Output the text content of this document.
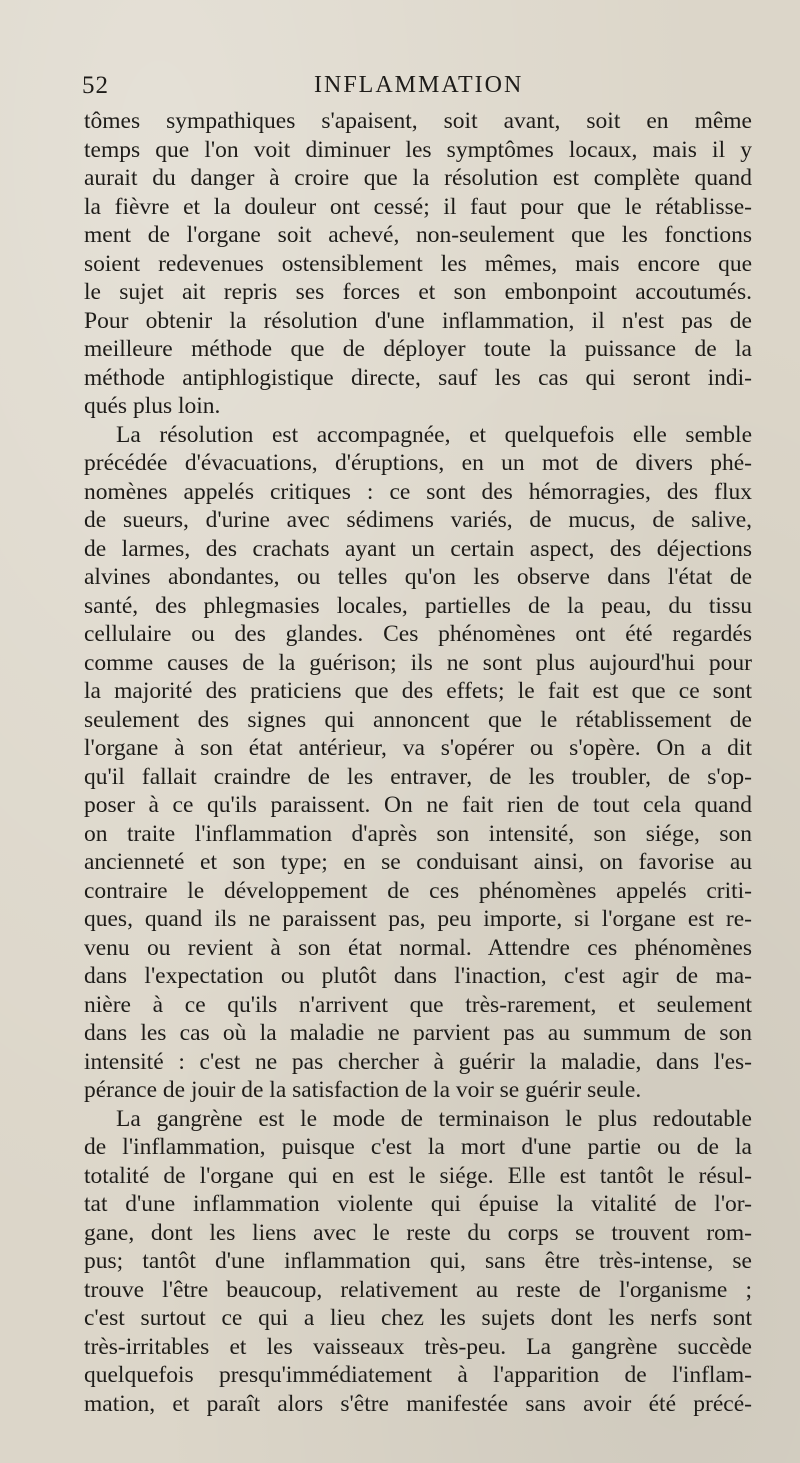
52	INFLAMMATION
tômes sympathiques s'apaisent, soit avant, soit en même
temps que l'on voit diminuer les symptômes locaux, mais il y
aurait du danger à croire que la résolution est complète quand
la fièvre et la douleur ont cessé; il faut pour que le rétablisse-
ment de l'organe soit achevé, non-seulement que les fonctions
soient redevenues ostensiblement les mêmes, mais encore que
le sujet ait repris ses forces et son embonpoint accoutumés.
Pour obtenir la résolution d'une inflammation, il n'est pas de
meilleure méthode que de déployer toute la puissance de la
méthode antiphlogistique directe, sauf les cas qui seront indi-
qués plus loin.
La résolution est accompagnée, et quelquefois elle semble
précédée d'évacuations, d'éruptions, en un mot de divers phé-
nomènes appelés critiques : ce sont des hémorragies, des flux
de sueurs, d'urine avec sédimens variés, de mucus, de salive,
de larmes, des crachats ayant un certain aspect, des déjections
alvines abondantes, ou telles qu'on les observe dans l'état de
santé, des phlegmasies locales, partielles de la peau, du tissu
cellulaire ou des glandes. Ces phénomènes ont été regardés
comme causes de la guérison; ils ne sont plus aujourd'hui pour
la majorité des praticiens que des effets; le fait est que ce sont
seulement des signes qui annoncent que le rétablissement de
l'organe à son état antérieur, va s'opérer ou s'opère. On a dit
qu'il fallait craindre de les entraver, de les troubler, de s'op-
poser à ce qu'ils paraissent. On ne fait rien de tout cela quand
on traite l'inflammation d'après son intensité, son siége, son
ancienneté et son type; en se conduisant ainsi, on favorise au
contraire le développement de ces phénomènes appelés criti-
ques, quand ils ne paraissent pas, peu importe, si l'organe est re-
venu ou revient à son état normal. Attendre ces phénomènes
dans l'expectation ou plutôt dans l'inaction, c'est agir de ma-
nière à ce qu'ils n'arrivent que très-rarement, et seulement
dans les cas où la maladie ne parvient pas au summum de son
intensité : c'est ne pas chercher à guérir la maladie, dans l'es-
pérance de jouir de la satisfaction de la voir se guérir seule.
La gangrène est le mode de terminaison le plus redoutable
de l'inflammation, puisque c'est la mort d'une partie ou de la
totalité de l'organe qui en est le siége. Elle est tantôt le résul-
tat d'une inflammation violente qui épuise la vitalité de l'or-
gane, dont les liens avec le reste du corps se trouvent rom-
pus; tantôt d'une inflammation qui, sans être très-intense, se
trouve l'être beaucoup, relativement au reste de l'organisme ;
c'est surtout ce qui a lieu chez les sujets dont les nerfs sont
très-irritables et les vaisseaux très-peu. La gangrène succède
quelquefois presqu'immédiatement à l'apparition de l'inflam-
mation, et paraît alors s'être manifestée sans avoir été précé-
